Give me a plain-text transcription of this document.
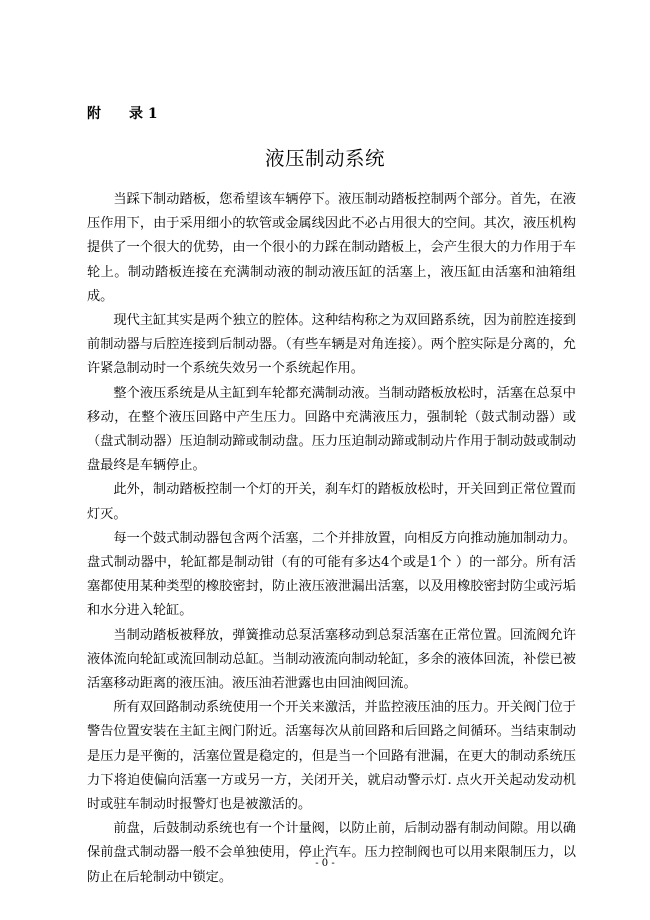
附　　录 1
液压制动系统

当踩下制动踏板，您希望该车辆停下。液压制动踏板控制两个部分。首先，在液压作用下，由于采用细小的软管或金属线因此不必占用很大的空间。其次，液压机构提供了一个很大的优势，由一个很小的力踩在制动踏板上，会产生很大的力作用于车轮上。制动踏板连接在充满制动液的制动液压缸的活塞上，液压缸由活塞和油箱组成。

现代主缸其实是两个独立的腔体。这种结构称之为双回路系统，因为前腔连接到前制动器与后腔连接到后制动器。（有些车辆是对角连接）。两个腔实际是分离的，允许紧急制动时一个系统失效另一个系统起作用。

整个液压系统是从主缸到车轮都充满制动液。当制动踏板放松时，活塞在总泵中移动，在整个液压回路中产生压力。回路中充满液压力，强制轮（鼓式制动器）或（盘式制动器）压迫制动蹄或制动盘。压力压迫制动蹄或制动片作用于制动鼓或制动盘最终是车辆停止。

此外，制动踏板控制一个灯的开关，刹车灯的踏板放松时，开关回到正常位置而灯灭。

每一个鼓式制动器包含两个活塞，二个并排放置，向相反方向推动施加制动力。盘式制动器中，轮缸都是制动钳（有的可能有多达4个或是1个 ）的一部分。所有活塞都使用某种类型的橡胶密封，防止液压液泄漏出活塞，以及用橡胶密封防尘或污垢和水分进入轮缸。

当制动踏板被释放，弹簧推动总泵活塞移动到总泵活塞在正常位置。回流阀允许液体流向轮缸或流回制动总缸。当制动液流向制动轮缸，多余的液体回流，补偿已被活塞移动距离的液压油。液压油若泄露也由回油阀回流。

所有双回路制动系统使用一个开关来激活，并监控液压油的压力。开关阀门位于警告位置安装在主缸主阀门附近。活塞每次从前回路和后回路之间循环。当结束制动是压力是平衡的，活塞位置是稳定的，但是当一个回路有泄漏，在更大的制动系统压力下将迫使偏向活塞一方或另一方，关闭开关，就启动警示灯. 点火开关起动发动机时或驻车制动时报警灯也是被激活的。

前盘，后鼓制动系统也有一个计量阀，以防止前，后制动器有制动间隙。用以确保前盘式制动器一般不会单独使用，停止汽车。压力控制阀也可以用来限制压力，以防止在后轮制动中锁定。

- 0 -
